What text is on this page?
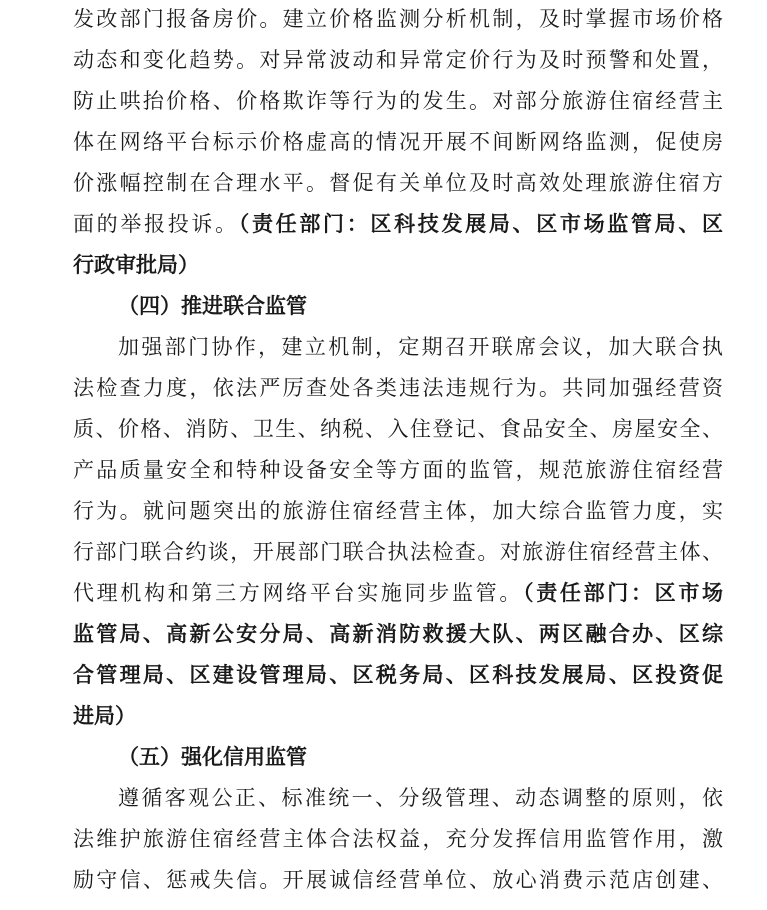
发改部门报备房价。建立价格监测分析机制，及时掌握市场价格
动态和变化趋势。对异常波动和异常定价行为及时预警和处置，
防止哄抬价格、价格欺诈等行为的发生。对部分旅游住宿经营主
体在网络平台标示价格虚高的情况开展不间断网络监测，促使房
价涨幅控制在合理水平。督促有关单位及时高效处理旅游住宿方
面的举报投诉。（责任部门：区科技发展局、区市场监管局、区
行政审批局）
（四）推进联合监管
加强部门协作，建立机制，定期召开联席会议，加大联合执
法检查力度，依法严厉查处各类违法违规行为。共同加强经营资
质、价格、消防、卫生、纳税、入住登记、食品安全、房屋安全、
产品质量安全和特种设备安全等方面的监管，规范旅游住宿经营
行为。就问题突出的旅游住宿经营主体，加大综合监管力度，实
行部门联合约谈，开展部门联合执法检查。对旅游住宿经营主体、
代理机构和第三方网络平台实施同步监管。（责任部门：区市场
监管局、高新公安分局、高新消防救援大队、两区融合办、区综
合管理局、区建设管理局、区税务局、区科技发展局、区投资促
进局）
（五）强化信用监管
遵循客观公正、标准统一、分级管理、动态调整的原则，依
法维护旅游住宿经营主体合法权益，充分发挥信用监管作用，激
励守信、惩戒失信。开展诚信经营单位、放心消费示范店创建、
